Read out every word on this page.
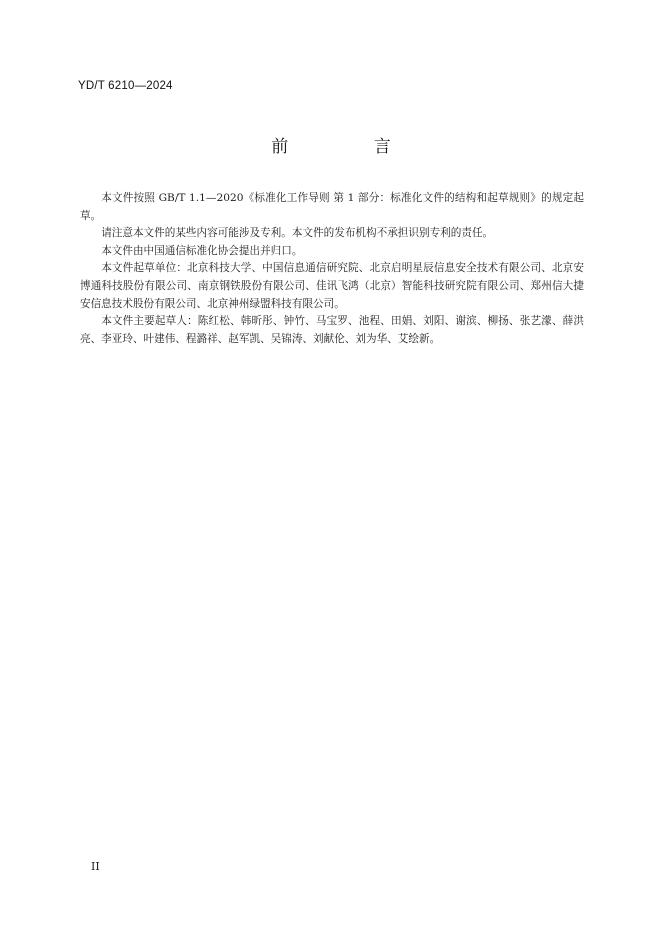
YD/T 6210—2024
前 言

本文件按照 GB/T 1.1—2020《标准化工作导则 第 1 部分：标准化文件的结构和起草规则》的规定起草。

请注意本文件的某些内容可能涉及专利。本文件的发布机构不承担识别专利的责任。

本文件由中国通信标准化协会提出并归口。

本文件起草单位：北京科技大学、中国信息通信研究院、北京启明星辰信息安全技术有限公司、北京安博通科技股份有限公司、南京钢铁股份有限公司、佳讯飞鸿（北京）智能科技研究院有限公司、郑州信大捷安信息技术股份有限公司、北京神州绿盟科技有限公司。

本文件主要起草人：陈红松、韩昕彤、钟竹、马宝罗、池程、田娟、刘阳、谢滨、柳扬、张艺濛、薛洪亮、李亚玲、叶建伟、程潞祥、赵军凯、吴锦涛、刘献伦、刘为华、艾绘新。

II
